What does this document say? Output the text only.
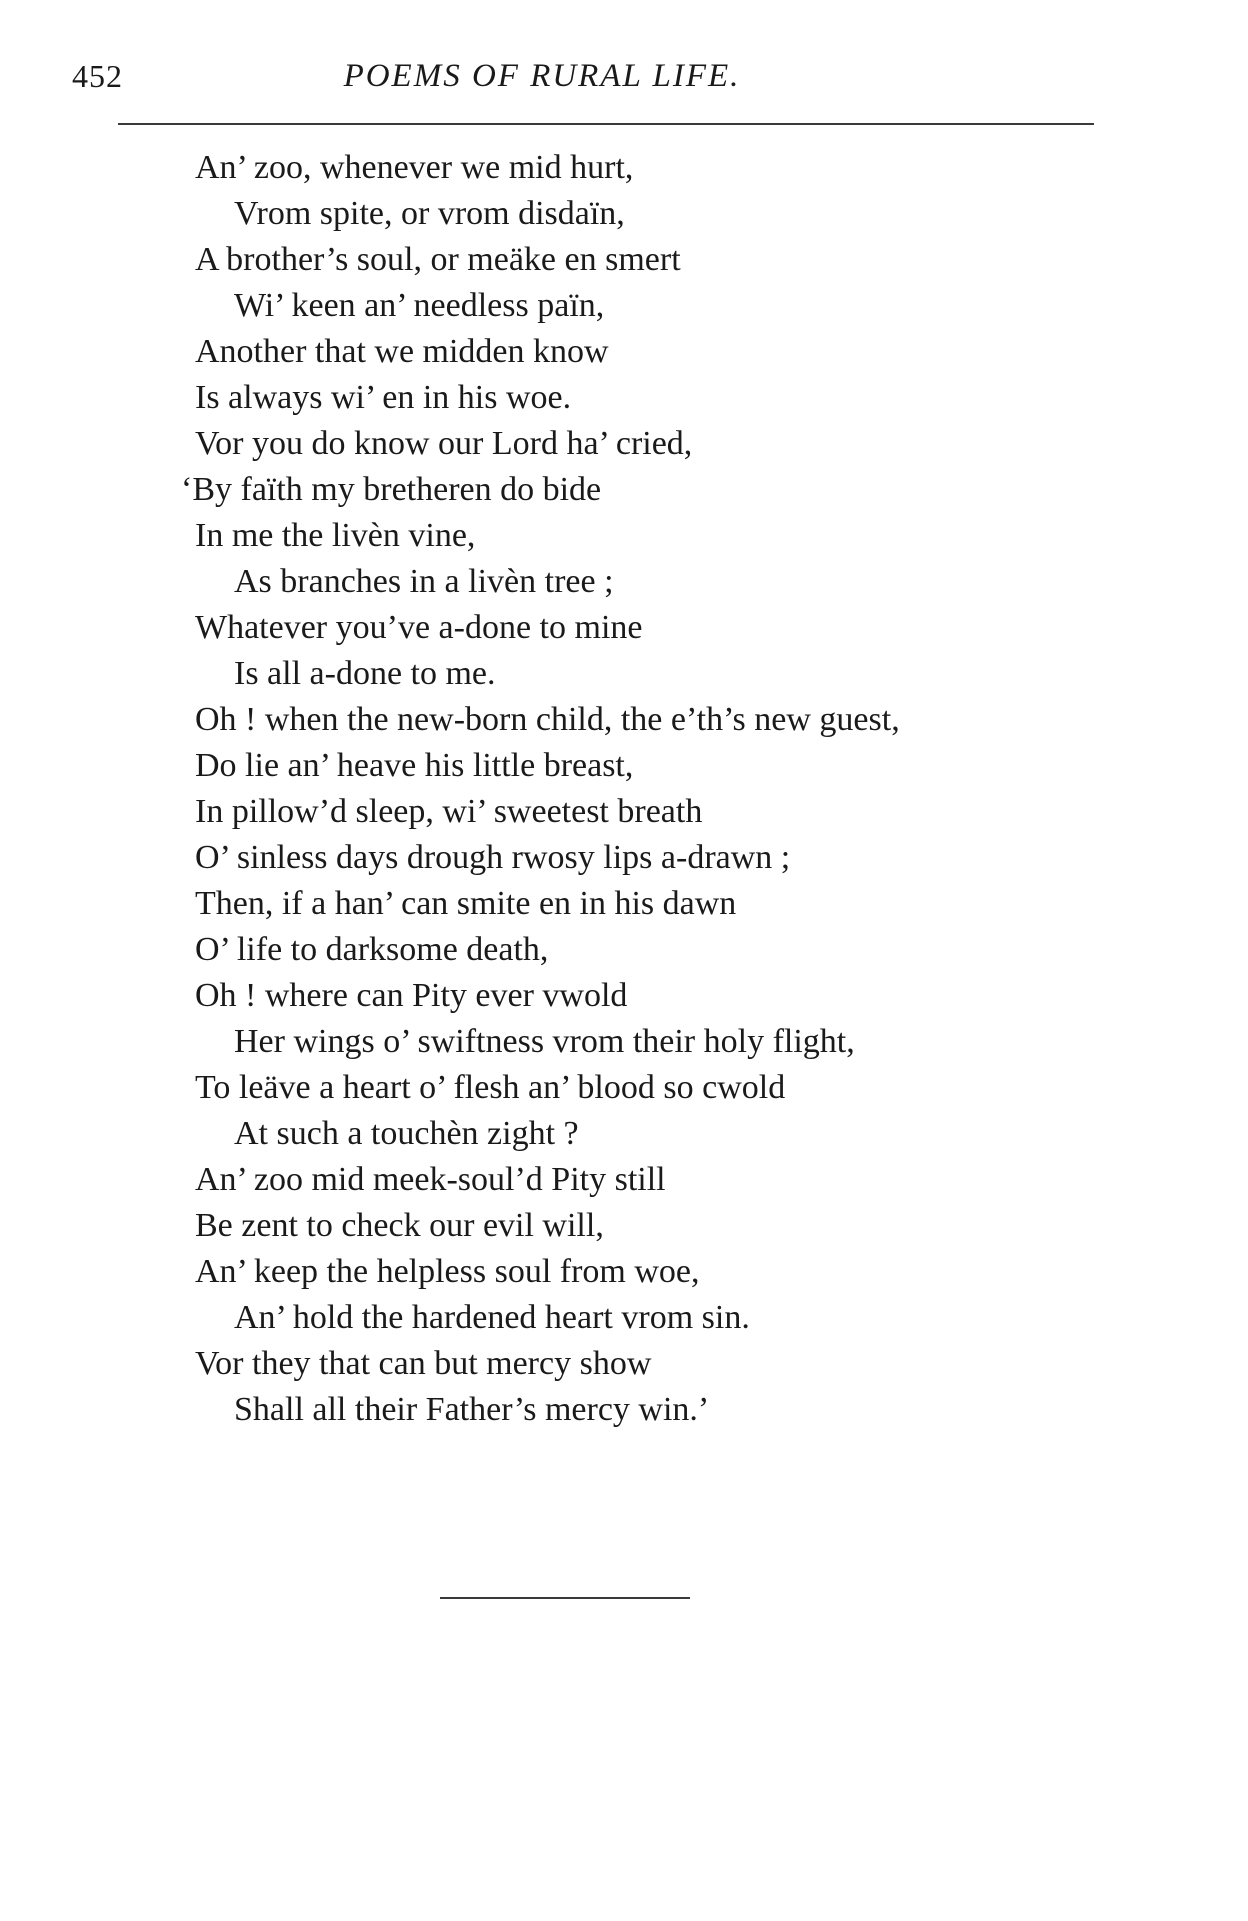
452	POEMS OF RURAL LIFE.
An’ zoo, whenever we mid hurt,
Vrom spite, or vrom disdaïn,
A brother’s soul, or meäke en smert
Wi’ keen an’ needless païn,
Another that we midden know
Is always wi’ en in his woe.
Vor you do know our Lord ha’ cried,
‘By faïth my bretheren do bide
In me the livèn vine,
As branches in a livèn tree ;
Whatever you’ve a-done to mine
Is all a-done to me.
Oh ! when the new-born child, the e’th’s new guest,
Do lie an’ heave his little breast,
In pillow’d sleep, wi’ sweetest breath
O’ sinless days drough rwosy lips a-drawn ;
Then, if a han’ can smite en in his dawn
O’ life to darksome death,
Oh ! where can Pity ever vwold
Her wings o’ swiftness vrom their holy flight,
To leäve a heart o’ flesh an’ blood so cwold
At such a touchèn zight ?
An’ zoo mid meek-soul’d Pity still
Be zent to check our evil will,
An’ keep the helpless soul from woe,
An’ hold the hardened heart vrom sin.
Vor they that can but mercy show
Shall all their Father’s mercy win.’
